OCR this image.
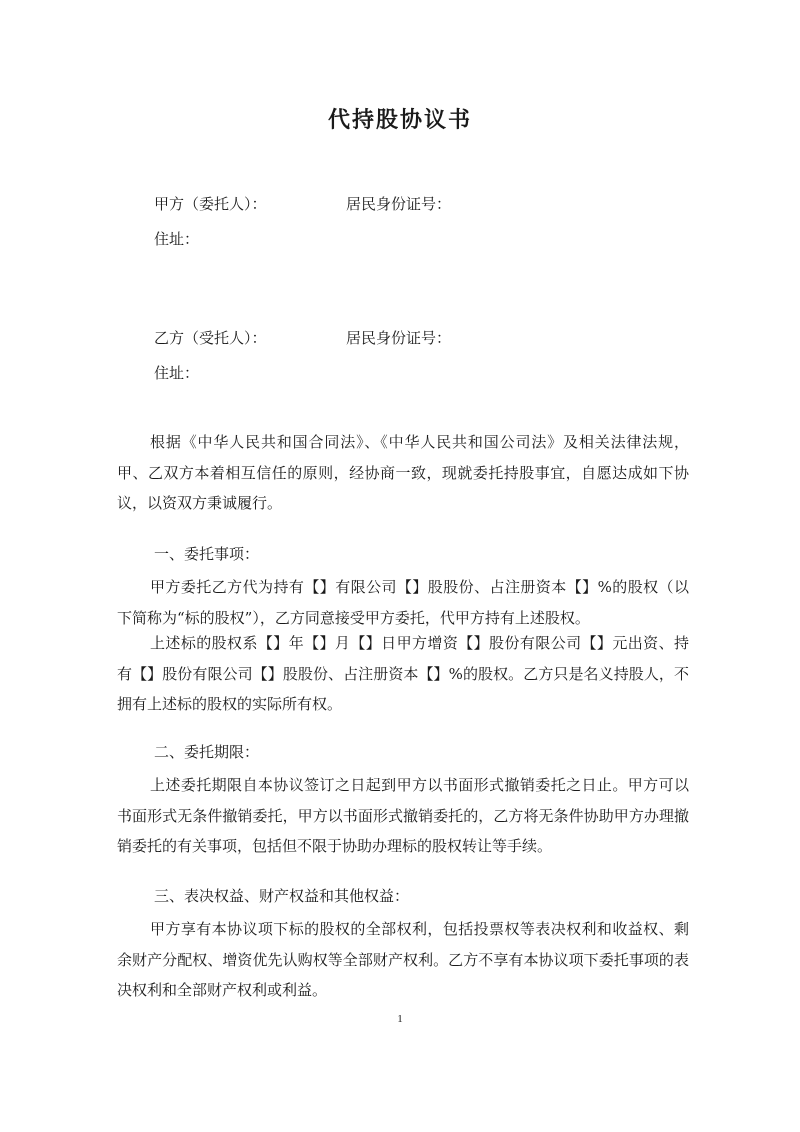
代持股协议书

甲方（委托人）：	居民身份证号：

住址：

乙方（受托人）：	居民身份证号：

住址：

根据《中华人民共和国合同法》、《中华人民共和国公司法》及相关法律法规，甲、乙双方本着相互信任的原则，经协商一致，现就委托持股事宜，自愿达成如下协议，以资双方秉诚履行。

一、委托事项：

甲方委托乙方代为持有【】有限公司【】股股份、占注册资本【】%的股权（以下简称为“标的股权”），乙方同意接受甲方委托，代甲方持有上述股权。

上述标的股权系【】年【】月【】日甲方增资【】股份有限公司【】元出资、持有【】股份有限公司【】股股份、占注册资本【】%的股权。乙方只是名义持股人，不拥有上述标的股权的实际所有权。

二、委托期限：

上述委托期限自本协议签订之日起到甲方以书面形式撤销委托之日止。甲方可以书面形式无条件撤销委托，甲方以书面形式撤销委托的，乙方将无条件协助甲方办理撤销委托的有关事项，包括但不限于协助办理标的股权转让等手续。

三、表决权益、财产权益和其他权益：

甲方享有本协议项下标的股权的全部权利，包括投票权等表决权利和收益权、剩余财产分配权、增资优先认购权等全部财产权利。乙方不享有本协议项下委托事项的表决权利和全部财产权利或利益。

1
